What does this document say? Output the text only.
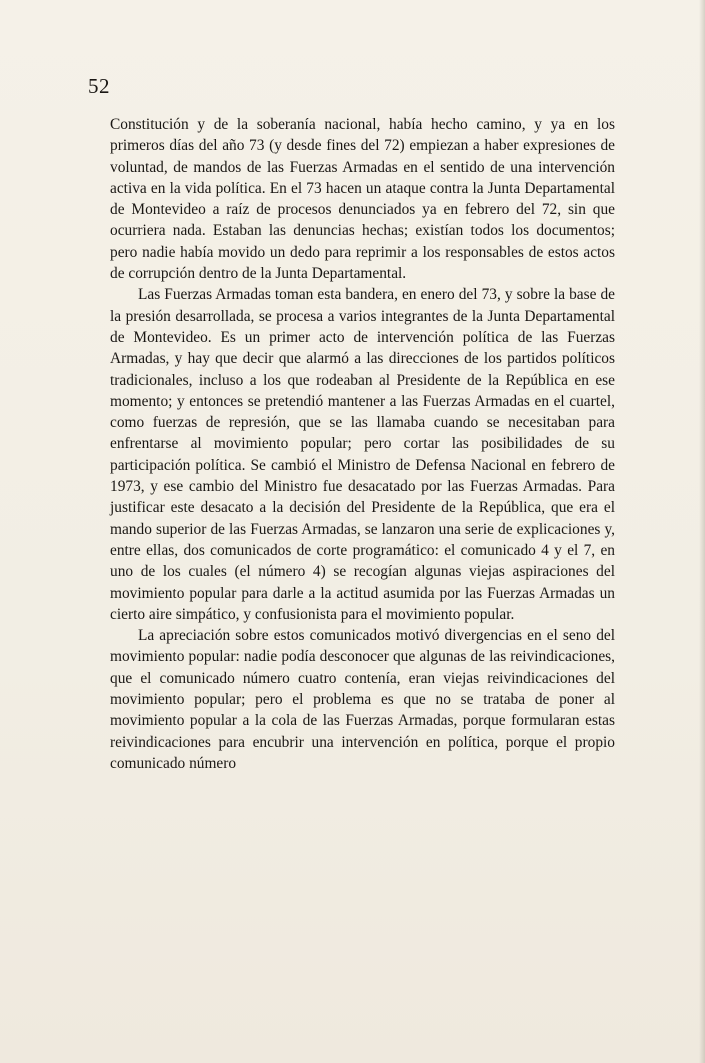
52

Constitución y de la soberanía nacional, había hecho camino, y ya en los primeros días del año 73 (y desde fines del 72) empiezan a haber expresiones de voluntad, de mandos de las Fuerzas Armadas en el sentido de una intervención activa en la vida política. En el 73 hacen un ataque contra la Junta Departamental de Montevideo a raíz de procesos denunciados ya en febrero del 72, sin que ocurriera nada. Estaban las denuncias hechas; existían todos los documentos; pero nadie había movido un dedo para reprimir a los responsables de estos actos de corrupción dentro de la Junta Departamental.

Las Fuerzas Armadas toman esta bandera, en enero del 73, y sobre la base de la presión desarrollada, se procesa a varios integrantes de la Junta Departamental de Montevideo. Es un primer acto de intervención política de las Fuerzas Armadas, y hay que decir que alarmó a las direcciones de los partidos políticos tradicionales, incluso a los que rodeaban al Presidente de la República en ese momento; y entonces se pretendió mantener a las Fuerzas Armadas en el cuartel, como fuerzas de represión, que se las llamaba cuando se necesitaban para enfrentarse al movimiento popular; pero cortar las posibilidades de su participación política. Se cambió el Ministro de Defensa Nacional en febrero de 1973, y ese cambio del Ministro fue desacatado por las Fuerzas Armadas. Para justificar este desacato a la decisión del Presidente de la República, que era el mando superior de las Fuerzas Armadas, se lanzaron una serie de explicaciones y, entre ellas, dos comunicados de corte programático: el comunicado 4 y el 7, en uno de los cuales (el número 4) se recogían algunas viejas aspiraciones del movimiento popular para darle a la actitud asumida por las Fuerzas Armadas un cierto aire simpático, y confusionista para el movimiento popular.

La apreciación sobre estos comunicados motivó divergencias en el seno del movimiento popular: nadie podía desconocer que algunas de las reivindicaciones, que el comunicado número cuatro contenía, eran viejas reivindicaciones del movimiento popular; pero el problema es que no se trataba de poner al movimiento popular a la cola de las Fuerzas Armadas, porque formularan estas reivindicaciones para encubrir una intervención en política, porque el propio comunicado número
